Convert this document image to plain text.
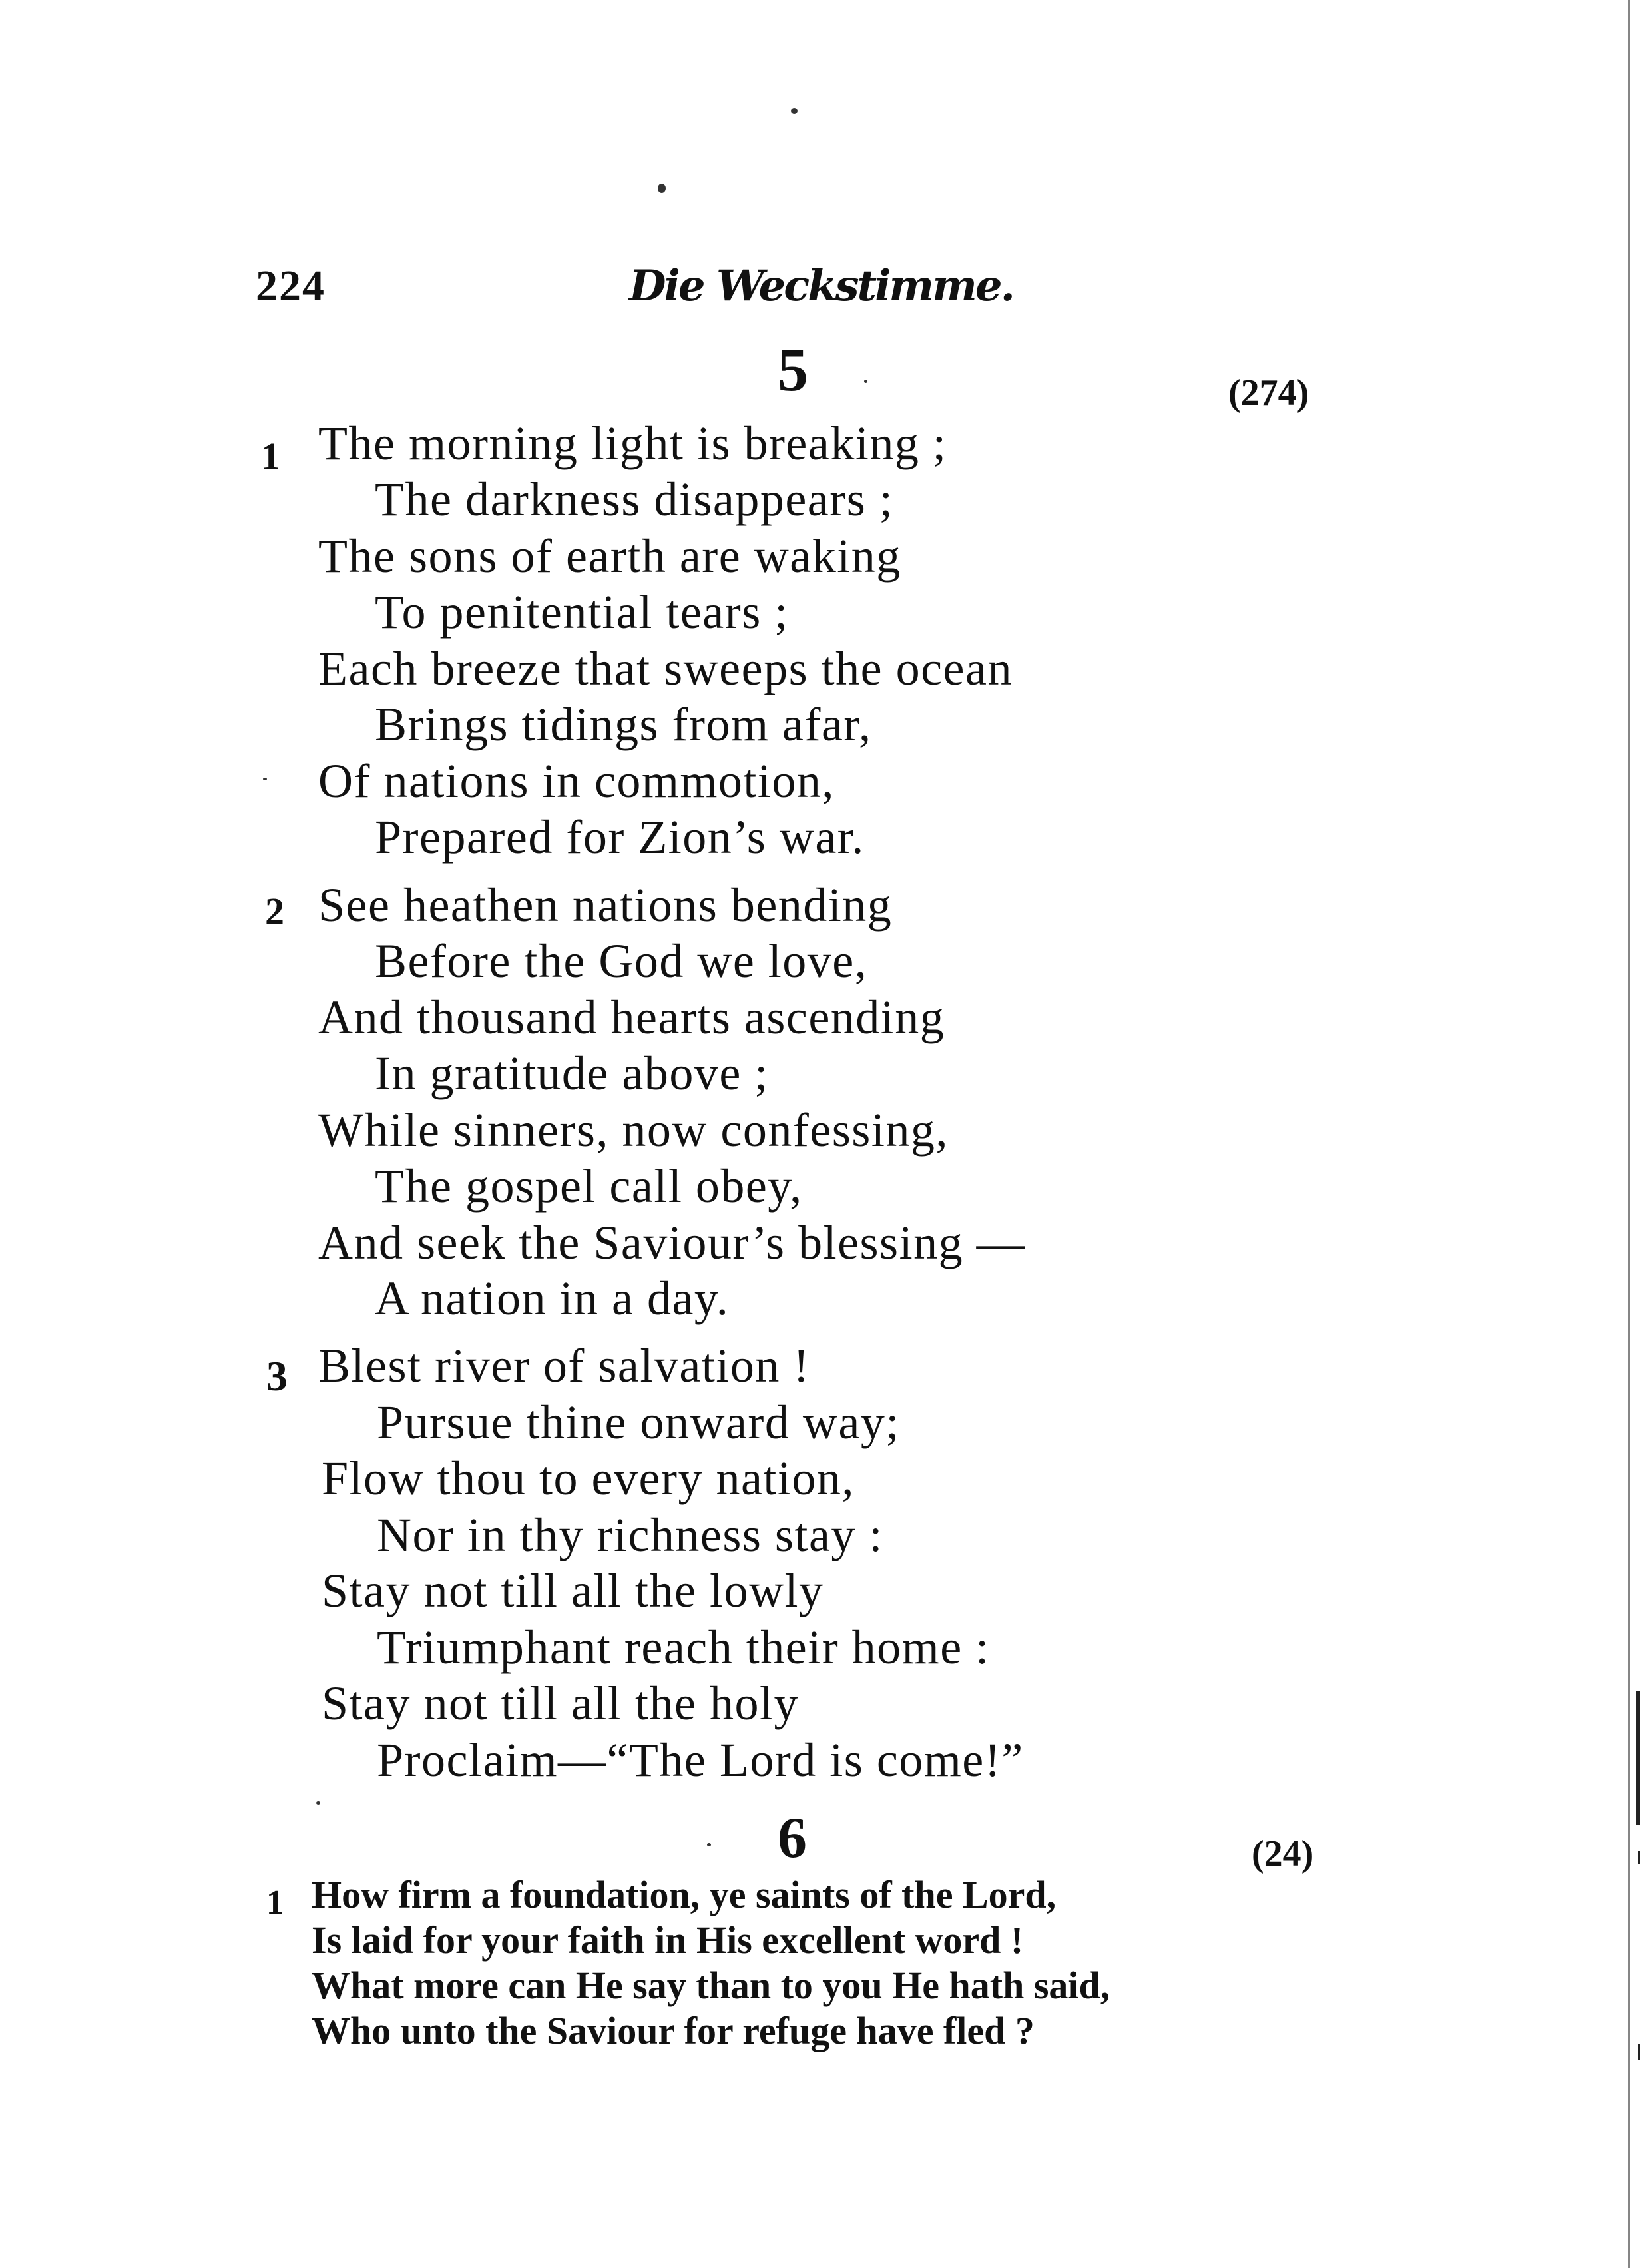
224	Die Weckstimme.
5	(274)
1 The morning light is breaking ;
The darkness disappears ;
The sons of earth are waking
To penitential tears ;
Each breeze that sweeps the ocean
Brings tidings from afar,
Of nations in commotion,
Prepared for Zion’s war.
2 See heathen nations bending
Before the God we love,
And thousand hearts ascending
In gratitude above ;
While sinners, now confessing,
The gospel call obey,
And seek the Saviour’s blessing —
A nation in a day.
3 Blest river of salvation !
Pursue thine onward way;
Flow thou to every nation,
Nor in thy richness stay :
Stay not till all the lowly
Triumphant reach their home :
Stay not till all the holy
Proclaim—“The Lord is come!”
6	(24)
1 How firm a foundation, ye saints of the Lord,
Is laid for your faith in His excellent word !
What more can He say than to you He hath said,
Who unto the Saviour for refuge have fled ?
